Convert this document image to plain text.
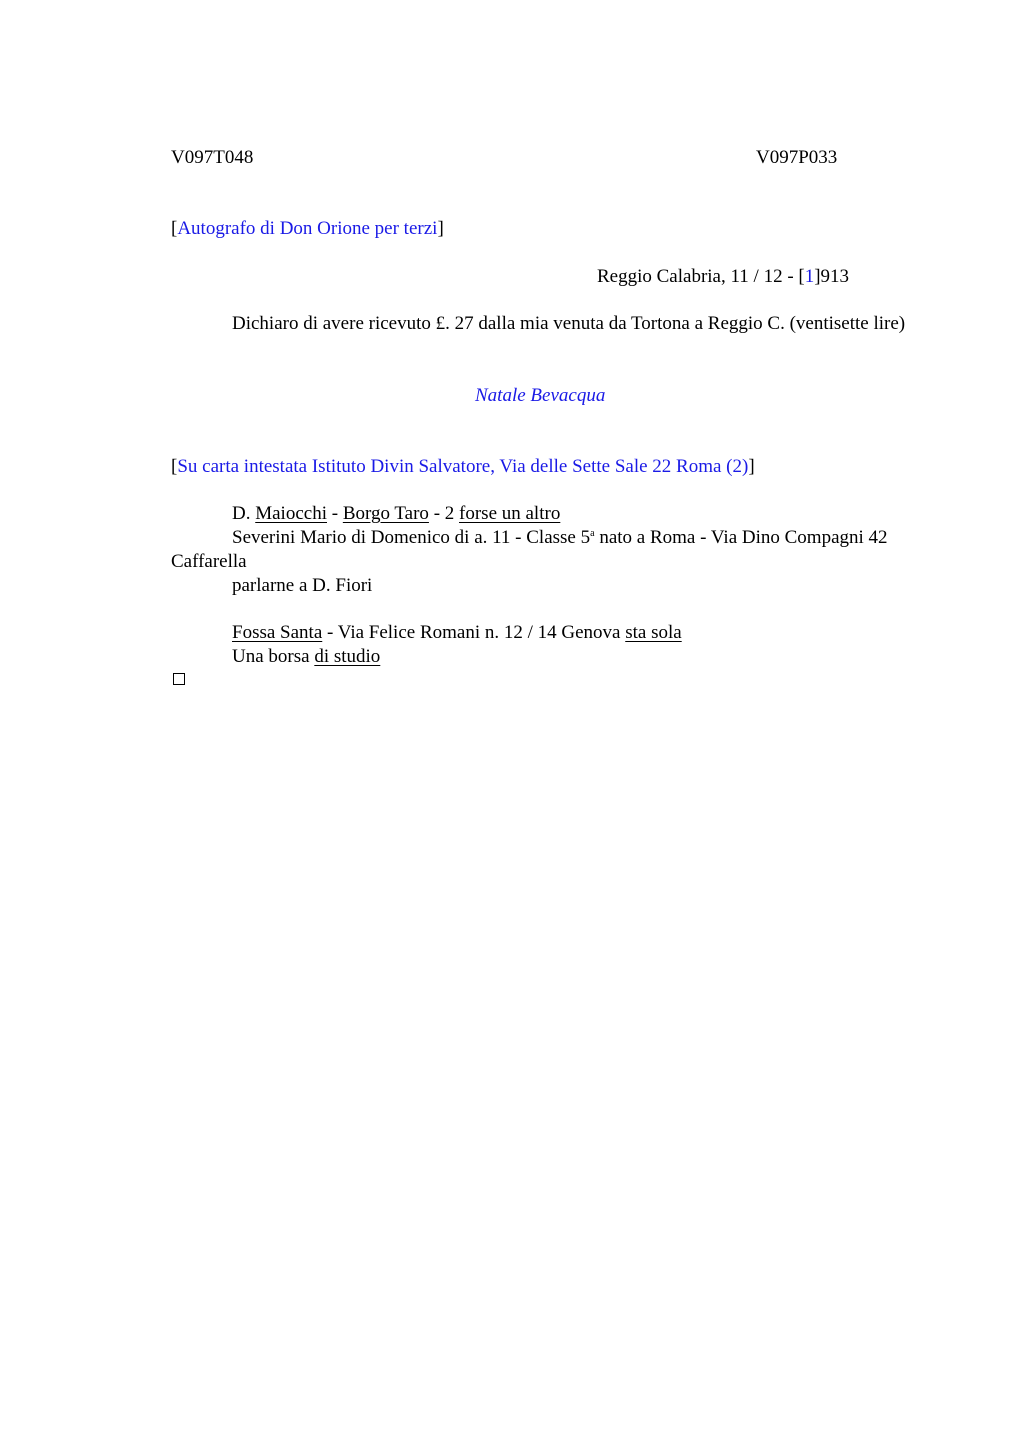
V097T048	V097P033
[Autografo di Don Orione per terzi]
Reggio Calabria, 11 / 12 - [1]913
Dichiaro di avere ricevuto £. 27 dalla mia venuta da Tortona a Reggio C. (ventisette lire)
Natale Bevacqua
[Su carta intestata Istituto Divin Salvatore, Via delle Sette Sale 22 Roma (2)]
D. Maiocchi - Borgo Taro - 2 forse un altro
Severini Mario di Domenico di a. 11 - Classe 5$^a$ nato a Roma - Via Dino Compagni 42 Caffarella
parlarne a D. Fiori
Fossa Santa - Via Felice Romani n. 12 / 14 Genova sta sola
Una borsa di studio
